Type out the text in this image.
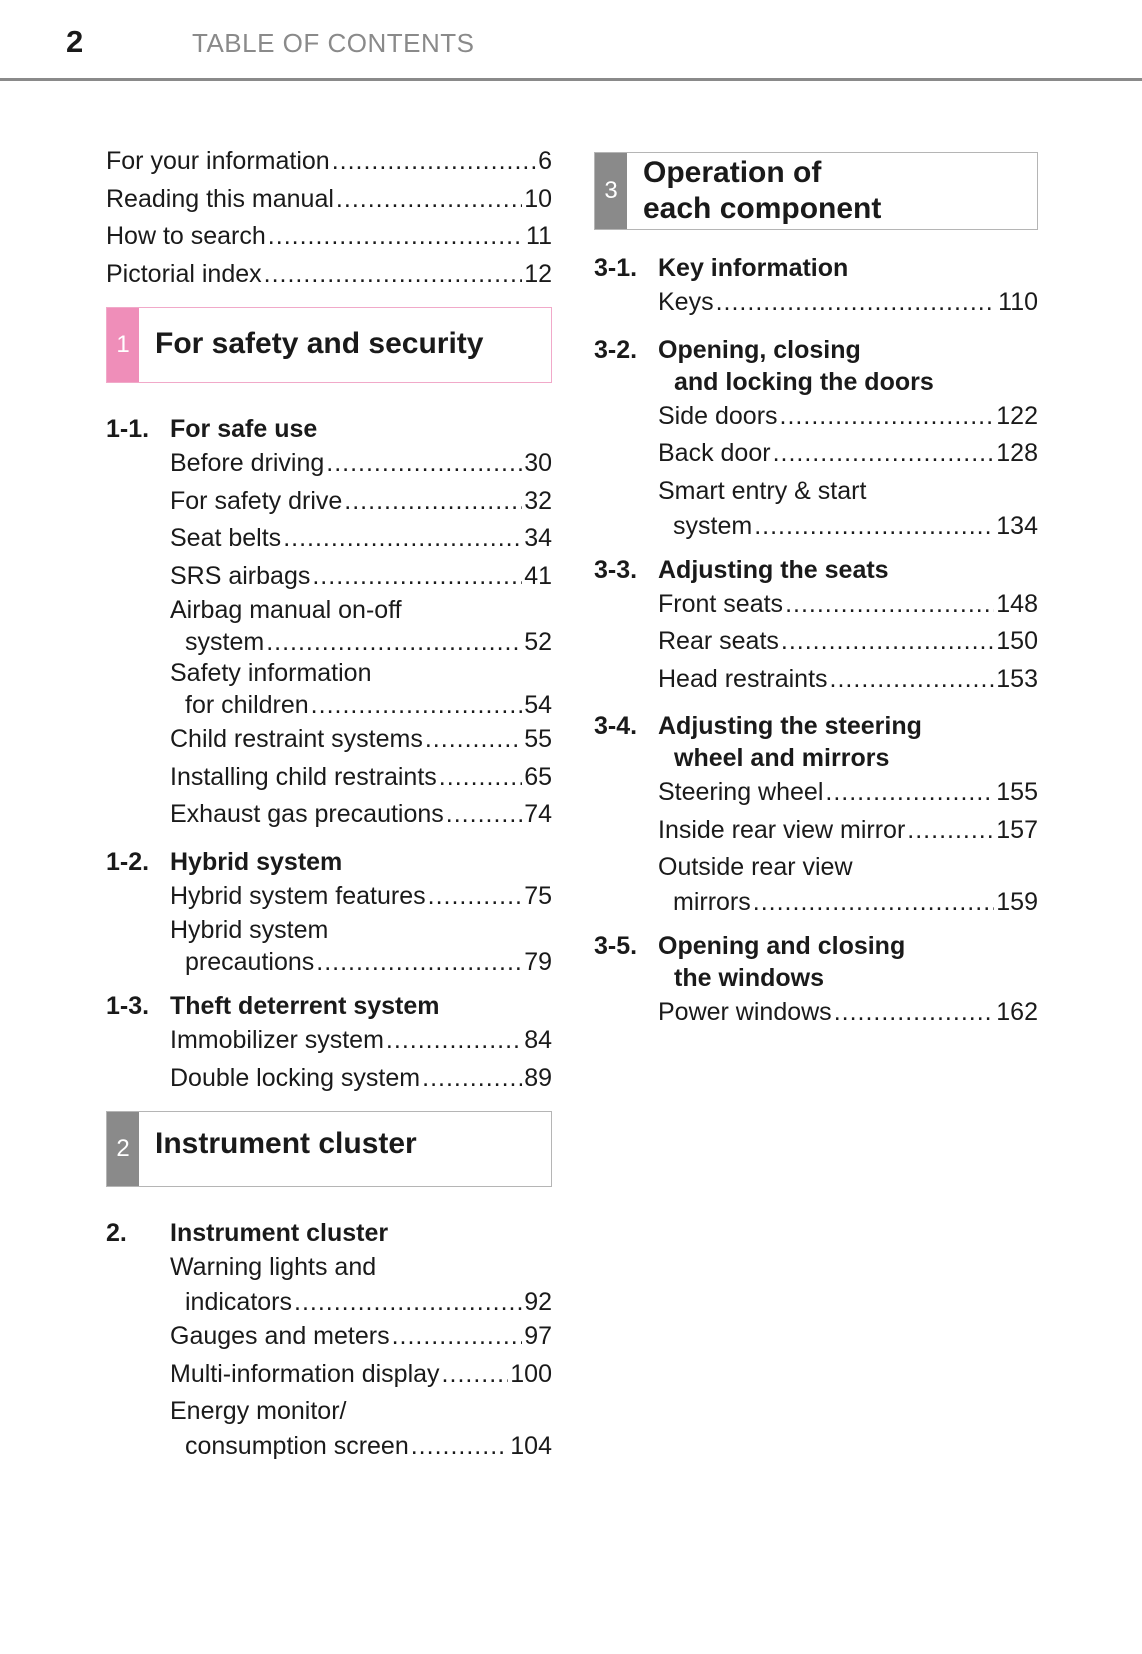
2	TABLE OF CONTENTS
For your information .....	6
Reading this manual .....	10
How to search .....	11
Pictorial index .....	12
1 For safety and security
1-1. For safe use
Before driving .....	30
For safety drive .....	32
Seat belts .....	34
SRS airbags .....	41
Airbag manual on-off
system .....	52
Safety information
for children .....	54
Child restraint systems .....	55
Installing child restraints .....	65
Exhaust gas precautions .....	74
1-2. Hybrid system
Hybrid system features .....	75
Hybrid system
precautions .....	79
1-3. Theft deterrent system
Immobilizer system .....	84
Double locking system .....	89
2 Instrument cluster
2.	Instrument cluster
Warning lights and
indicators .....	92
Gauges and meters .....	97
Multi-information display .....	100
Energy monitor/
consumption screen .....	104
3
Operation of
each component
3-1. Key information
Keys .....	110
3-2. Opening, closing
and locking the doors
Side doors .....	122
Back door .....	128
Smart entry & start
system .....	134
3-3. Adjusting the seats
Front seats .....	148
Rear seats .....	150
Head restraints .....	153
3-4. Adjusting the steering
wheel and mirrors
Steering wheel .....	155
Inside rear view mirror .....	157
Outside rear view
mirrors .....	159
3-5. Opening and closing
the windows
Power windows .....	162
